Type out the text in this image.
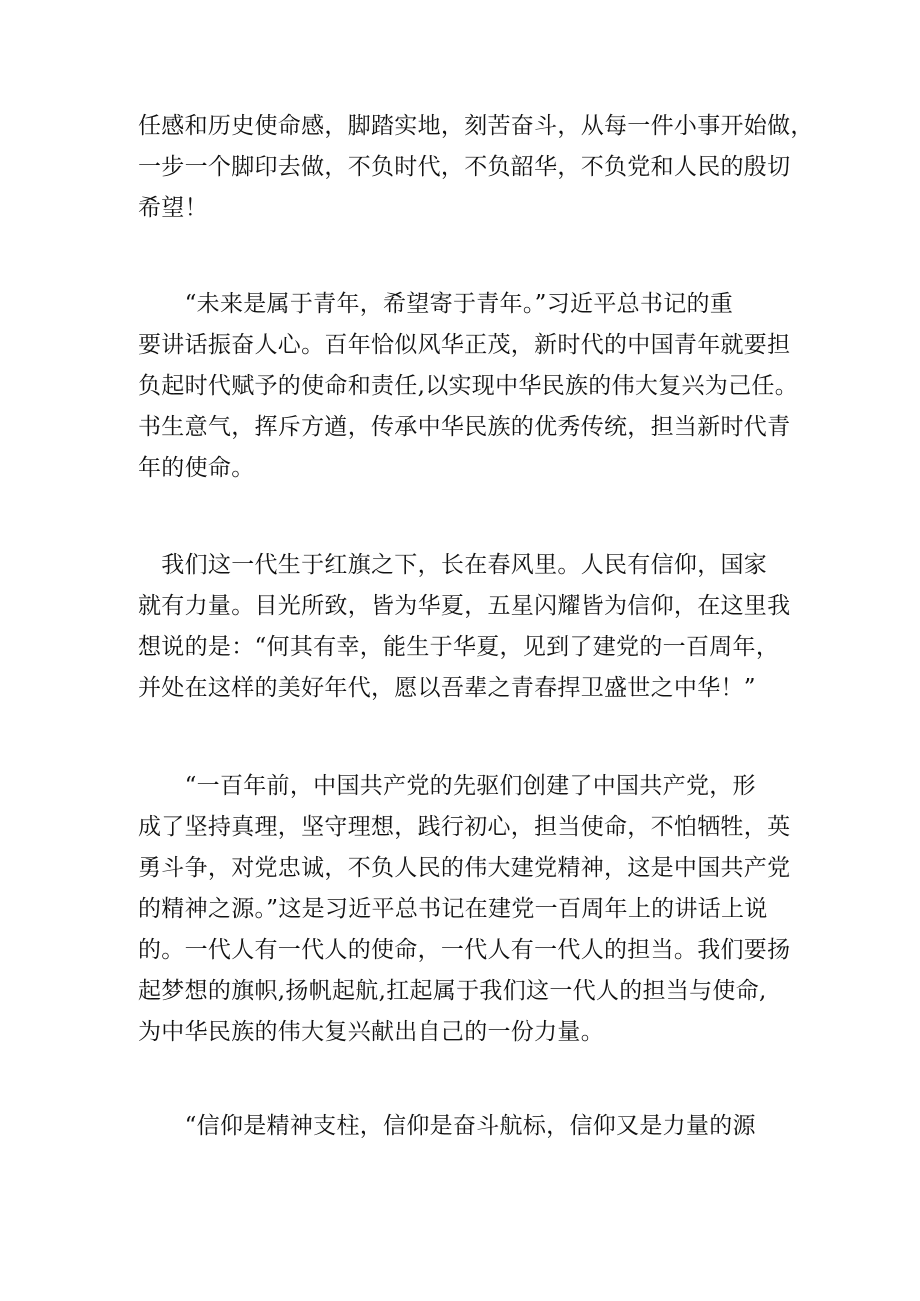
任感和历史使命感，脚踏实地，刻苦奋斗，从每一件小事开始做，
一步一个脚印去做，不负时代，不负韶华，不负党和人民的殷切
希望！
　　“未来是属于青年，希望寄于青年。”习近平总书记的重
要讲话振奋人心。百年恰似风华正茂，新时代的中国青年就要担
负起时代赋予的使命和责任,以实现中华民族的伟大复兴为己任。
书生意气，挥斥方遒，传承中华民族的优秀传统，担当新时代青
年的使命。
　我们这一代生于红旗之下，长在春风里。人民有信仰，国家
就有力量。目光所致，皆为华夏，五星闪耀皆为信仰，在这里我
想说的是：“何其有幸，能生于华夏，见到了建党的一百周年，
并处在这样的美好年代，愿以吾辈之青春捍卫盛世之中华！”
　　“一百年前，中国共产党的先驱们创建了中国共产党，形
成了坚持真理，坚守理想，践行初心，担当使命，不怕牺牲，英
勇斗争，对党忠诚，不负人民的伟大建党精神，这是中国共产党
的精神之源。”这是习近平总书记在建党一百周年上的讲话上说
的。一代人有一代人的使命，一代人有一代人的担当。我们要扬
起梦想的旗帜,扬帆起航,扛起属于我们这一代人的担当与使命,
为中华民族的伟大复兴献出自己的一份力量。
　　“信仰是精神支柱，信仰是奋斗航标，信仰又是力量的源
